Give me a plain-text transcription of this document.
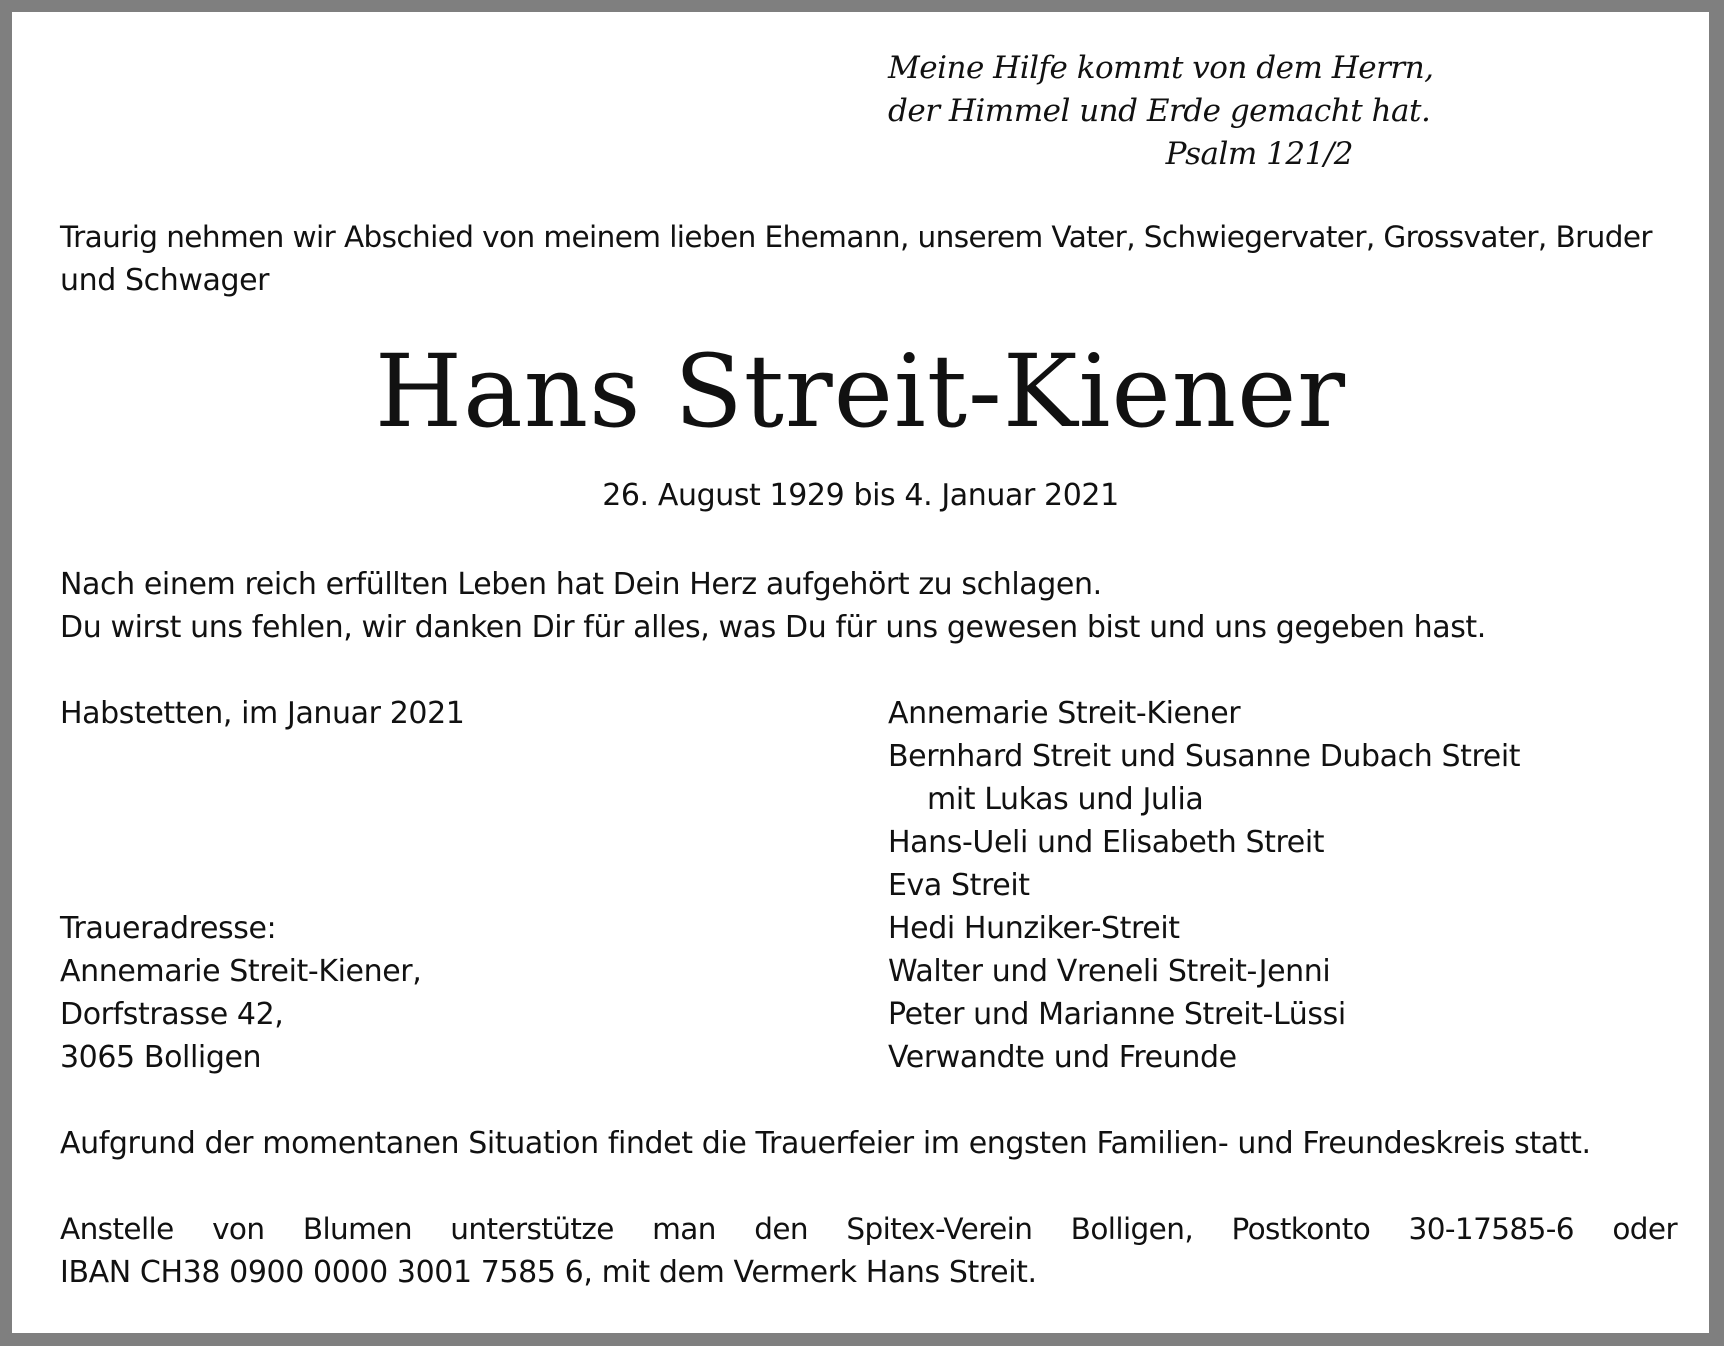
Meine Hilfe kommt von dem Herrn,
der Himmel und Erde gemacht hat.
Psalm 121/2
Traurig nehmen wir Abschied von meinem lieben Ehemann, unserem Vater, Schwiegervater, Grossvater, Bruder
und Schwager
Hans Streit-Kiener
26. August 1929 bis 4. Januar 2021
Nach einem reich erfüllten Leben hat Dein Herz aufgehört zu schlagen.
Du wirst uns fehlen, wir danken Dir für alles, was Du für uns gewesen bist und uns gegeben hast.
Habstetten, im Januar 2021	Annemarie Streit-Kiener
Bernhard Streit und Susanne Dubach Streit
mit Lukas und Julia
Hans-Ueli und Elisabeth Streit
Eva Streit
Hedi Hunziker-Streit
Walter und Vreneli Streit-Jenni
Peter und Marianne Streit-Lüssi
Verwandte und Freunde
Traueradresse:
Annemarie Streit-Kiener,
Dorfstrasse 42,
3065 Bolligen
Aufgrund der momentanen Situation findet die Trauerfeier im engsten Familien- und Freundeskreis statt.
Anstelle von Blumen unterstütze man den Spitex-Verein Bolligen, Postkonto 30-17585-6 oder
IBAN CH38 0900 0000 3001 7585 6, mit dem Vermerk Hans Streit.
